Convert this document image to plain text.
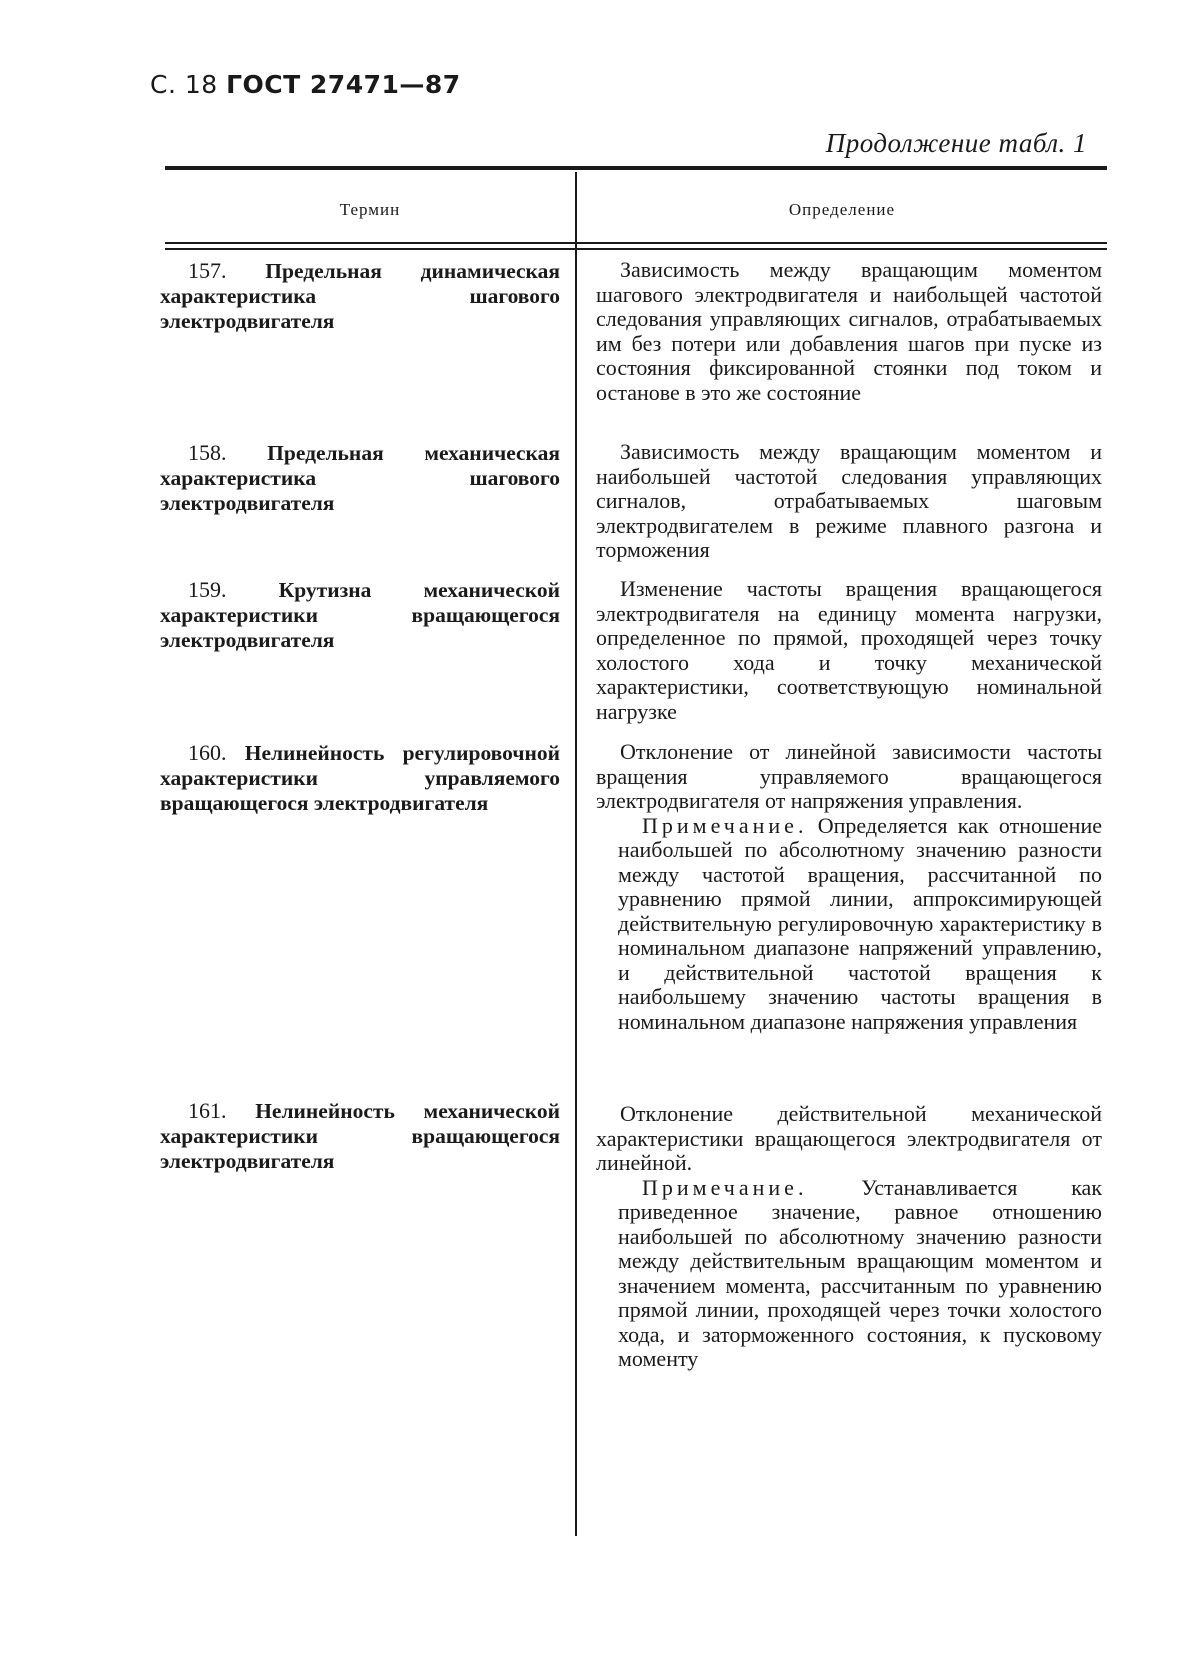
С. 18 ГОСТ 27471—87
Продолжение табл. 1
Термин	Определение
157. Предельная динамическая характеристика шагового электродвигателя
Зависимость между вращающим моментом шагового электродвигателя и наибольщей частотой следования управляющих сигналов, отрабатываемых им без потери или добавления шагов при пуске из состояния фиксированной стоянки под током и останове в это же состояние
158. Предельная механическая характеристика шагового электродвигателя
Зависимость между вращающим моментом и наибольшей частотой следования управляющих сигналов, отрабатываемых шаговым электродвигателем в режиме плавного разгона и торможения
159. Крутизна механической характеристики вращающегося электродвигателя
Изменение частоты вращения вращающегося электродвигателя на единицу момента нагрузки, определенное по прямой, проходящей через точку холостого хода и точку механической характеристики, соответствующую номинальной нагрузке
160. Нелинейность регулировочной характеристики управляемого вращающегося электродвигателя
Отклонение от линейной зависимости частоты вращения управляемого вращающегося электродвигателя от напряжения управления.
Примечание. Определяется как отношение наибольшей по абсолютному значению разности между частотой вращения, рассчитанной по уравнению прямой линии, аппроксимирующей действительную регулировочную характеристику в номинальном диапазоне напряжений управлению, и действительной частотой вращения к наибольшему значению частоты вращения в номинальном диапазоне напряжения управления
161. Нелинейность механической характеристики вращающегося электродвигателя
Отклонение действительной механической характеристики вращающегося электродвигателя от линейной.
Примечание. Устанавливается как приведенное значение, равное отношению наибольшей по абсолютному значению разности между действительным вращающим моментом и значением момента, рассчитанным по уравнению прямой линии, проходящей через точки холостого хода, и заторможенного состояния, к пусковому моменту
